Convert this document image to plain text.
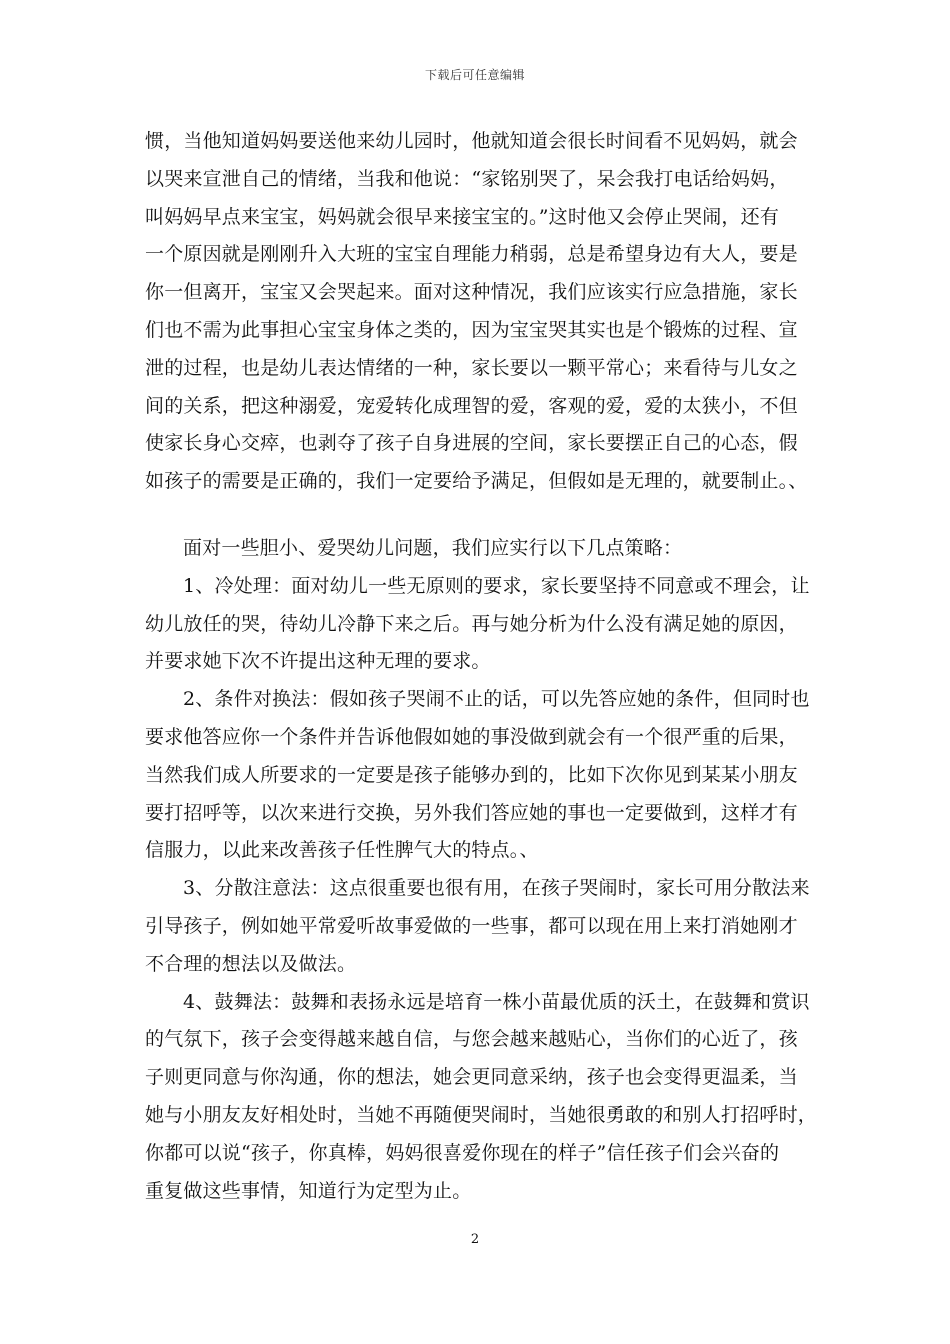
下载后可任意编辑
惯，当他知道妈妈要送他来幼儿园时，他就知道会很长时间看不见妈妈，就会
以哭来宣泄自己的情绪，当我和他说：“家铭别哭了，呆会我打电话给妈妈，
叫妈妈早点来宝宝，妈妈就会很早来接宝宝的。”这时他又会停止哭闹，还有
一个原因就是刚刚升入大班的宝宝自理能力稍弱，总是希望身边有大人，要是
你一但离开，宝宝又会哭起来。面对这种情况，我们应该实行应急措施，家长
们也不需为此事担心宝宝身体之类的，因为宝宝哭其实也是个锻炼的过程、宣
泄的过程，也是幼儿表达情绪的一种，家长要以一颗平常心；来看待与儿女之
间的关系，把这种溺爱，宠爱转化成理智的爱，客观的爱，爱的太狭小，不但
使家长身心交瘁，也剥夺了孩子自身进展的空间，家长要摆正自己的心态，假
如孩子的需要是正确的，我们一定要给予满足，但假如是无理的，就要制止。、
面对一些胆小、爱哭幼儿问题，我们应实行以下几点策略：
1、冷处理：面对幼儿一些无原则的要求，家长要坚持不同意或不理会，让
幼儿放任的哭，待幼儿冷静下来之后。再与她分析为什么没有满足她的原因，
并要求她下次不许提出这种无理的要求。
2、条件对换法：假如孩子哭闹不止的话，可以先答应她的条件，但同时也
要求他答应你一个条件并告诉他假如她的事没做到就会有一个很严重的后果，
当然我们成人所要求的一定要是孩子能够办到的，比如下次你见到某某小朋友
要打招呼等，以次来进行交换，另外我们答应她的事也一定要做到，这样才有
信服力，以此来改善孩子任性脾气大的特点。、
3、分散注意法：这点很重要也很有用，在孩子哭闹时，家长可用分散法来
引导孩子，例如她平常爱听故事爱做的一些事，都可以现在用上来打消她刚才
不合理的想法以及做法。
4、鼓舞法：鼓舞和表扬永远是培育一株小苗最优质的沃土，在鼓舞和赏识
的气氛下，孩子会变得越来越自信，与您会越来越贴心，当你们的心近了，孩
子则更同意与你沟通，你的想法，她会更同意采纳，孩子也会变得更温柔，当
她与小朋友友好相处时，当她不再随便哭闹时，当她很勇敢的和别人打招呼时，
你都可以说“孩子，你真棒，妈妈很喜爱你现在的样子”信任孩子们会兴奋的
重复做这些事情，知道行为定型为止。
2
